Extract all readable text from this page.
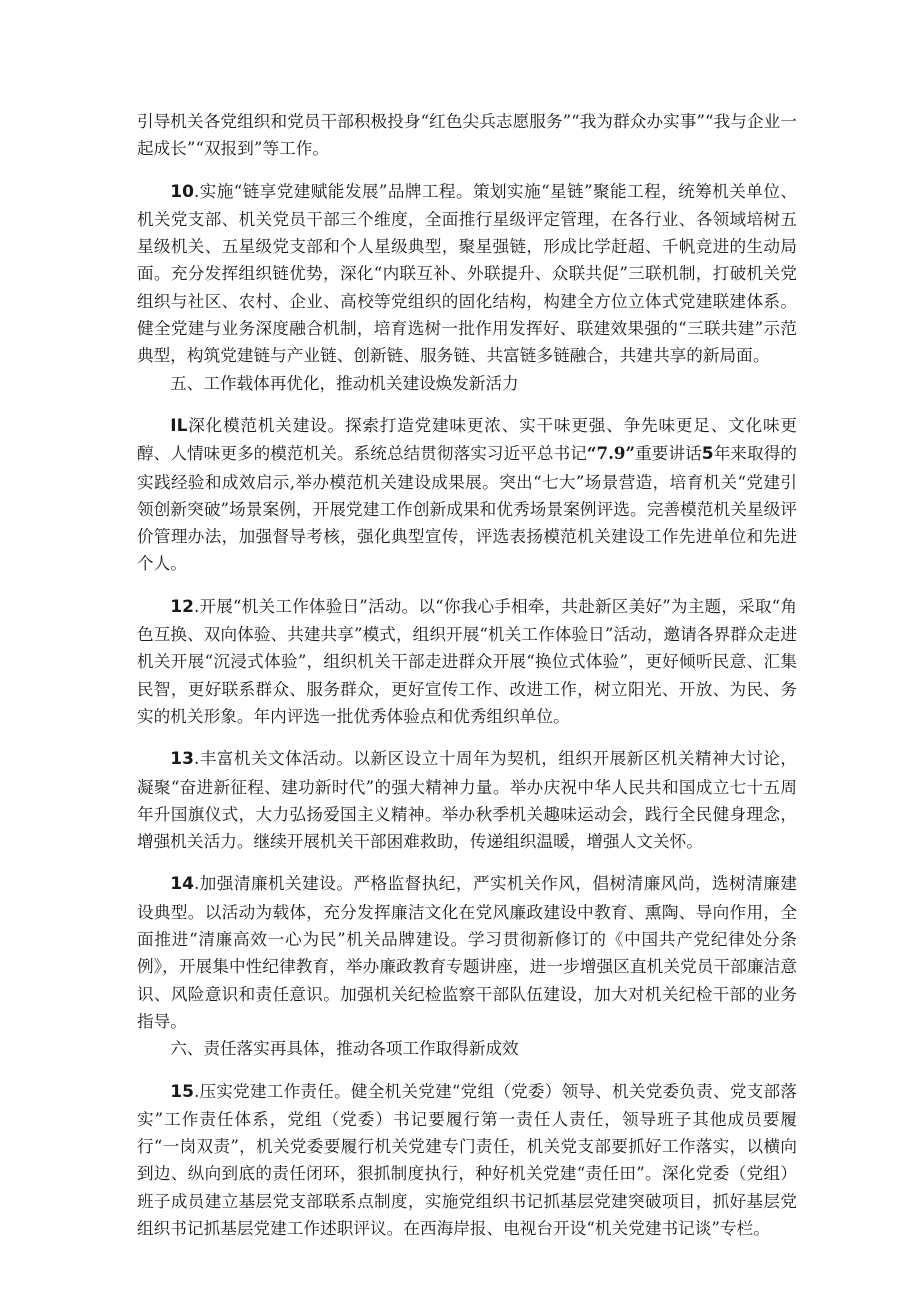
引导机关各党组织和党员干部积极投身“红色尖兵志愿服务”“我为群众办实事”“我与企业一起成长”“双报到”等工作。

10.实施“链享党建赋能发展”品牌工程。策划实施“星链”聚能工程，统筹机关单位、机关党支部、机关党员干部三个维度，全面推行星级评定管理，在各行业、各领域培树五星级机关、五星级党支部和个人星级典型，聚星强链，形成比学赶超、千帆竞进的生动局面。充分发挥组织链优势，深化“内联互补、外联提升、众联共促”三联机制，打破机关党组织与社区、农村、企业、高校等党组织的固化结构，构建全方位立体式党建联建体系。健全党建与业务深度融合机制，培育选树一批作用发挥好、联建效果强的“三联共建”示范典型，构筑党建链与产业链、创新链、服务链、共富链多链融合，共建共享的新局面。

五、工作载体再优化，推动机关建设焕发新活力

IL深化模范机关建设。探索打造党建味更浓、实干味更强、争先味更足、文化味更醇、人情味更多的模范机关。系统总结贯彻落实习近平总书记“7.9”重要讲话5年来取得的实践经验和成效启示,举办模范机关建设成果展。突出“七大”场景营造，培育机关“党建引领创新突破”场景案例，开展党建工作创新成果和优秀场景案例评选。完善模范机关星级评价管理办法，加强督导考核，强化典型宣传，评选表扬模范机关建设工作先进单位和先进个人。

12.开展“机关工作体验日”活动。以“你我心手相牵，共赴新区美好”为主题，采取“角色互换、双向体验、共建共享”模式，组织开展“机关工作体验日”活动，邀请各界群众走进机关开展“沉浸式体验”，组织机关干部走进群众开展“换位式体验”，更好倾听民意、汇集民智，更好联系群众、服务群众，更好宣传工作、改进工作，树立阳光、开放、为民、务实的机关形象。年内评选一批优秀体验点和优秀组织单位。

13.丰富机关文体活动。以新区设立十周年为契机，组织开展新区机关精神大讨论，凝聚“奋进新征程、建功新时代”的强大精神力量。举办庆祝中华人民共和国成立七十五周年升国旗仪式，大力弘扬爱国主义精神。举办秋季机关趣味运动会，践行全民健身理念，增强机关活力。继续开展机关干部困难救助，传递组织温暖，增强人文关怀。

14.加强清廉机关建设。严格监督执纪，严实机关作风，倡树清廉风尚，选树清廉建设典型。以活动为载体，充分发挥廉洁文化在党风廉政建设中教育、熏陶、导向作用，全面推进“清廉高效一心为民”机关品牌建设。学习贯彻新修订的《中国共产党纪律处分条例》，开展集中性纪律教育，举办廉政教育专题讲座，进一步增强区直机关党员干部廉洁意识、风险意识和责任意识。加强机关纪检监察干部队伍建设，加大对机关纪检干部的业务指导。

六、责任落实再具体，推动各项工作取得新成效

15.压实党建工作责任。健全机关党建“党组（党委）领导、机关党委负责、党支部落实”工作责任体系，党组（党委）书记要履行第一责任人责任，领导班子其他成员要履行“一岗双责”，机关党委要履行机关党建专门责任，机关党支部要抓好工作落实，以横向到边、纵向到底的责任闭环，狠抓制度执行，种好机关党建“责任田”。深化党委（党组）班子成员建立基层党支部联系点制度，实施党组织书记抓基层党建突破项目，抓好基层党组织书记抓基层党建工作述职评议。在西海岸报、电视台开设“机关党建书记谈”专栏。
